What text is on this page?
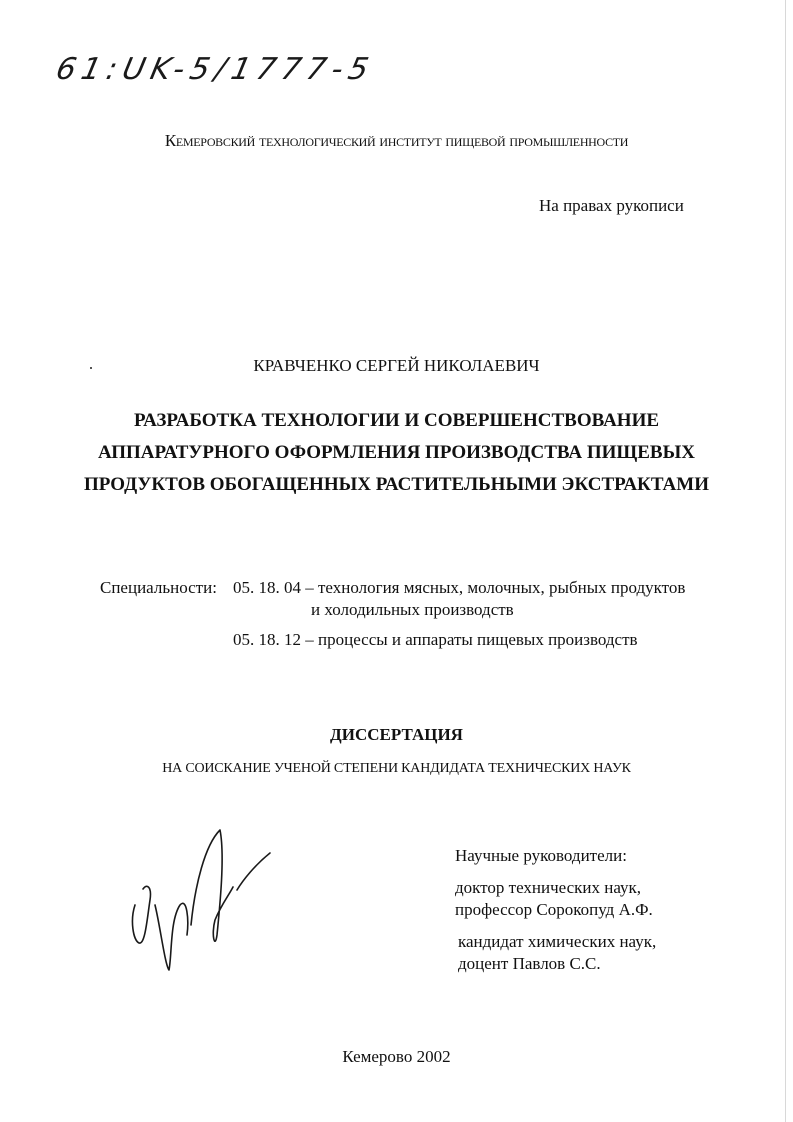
61:UK-5/1777-5
Кемеровский технологический институт пищевой промышленности
На правах рукописи
КРАВЧЕНКО СЕРГЕЙ НИКОЛАЕВИЧ
РАЗРАБОТКА ТЕХНОЛОГИИ И СОВЕРШЕНСТВОВАНИЕ
АППАРАТУРНОГО ОФОРМЛЕНИЯ ПРОИЗВОДСТВА ПИЩЕВЫХ
ПРОДУКТОВ ОБОГАЩЕННЫХ РАСТИТЕЛЬНЫМИ ЭКСТРАКТАМИ
Специальности: 05. 18. 04 – технология мясных, молочных, рыбных продуктов
и холодильных производств
05. 18. 12 – процессы и аппараты пищевых производств
ДИССЕРТАЦИЯ
НА СОИСКАНИЕ УЧЕНОЙ СТЕПЕНИ КАНДИДАТА ТЕХНИЧЕСКИХ НАУК
Научные руководители:
доктор технических наук,
профессор Сорокопуд А.Ф.
кандидат химических наук,
доцент Павлов С.С.
Кемерово 2002
